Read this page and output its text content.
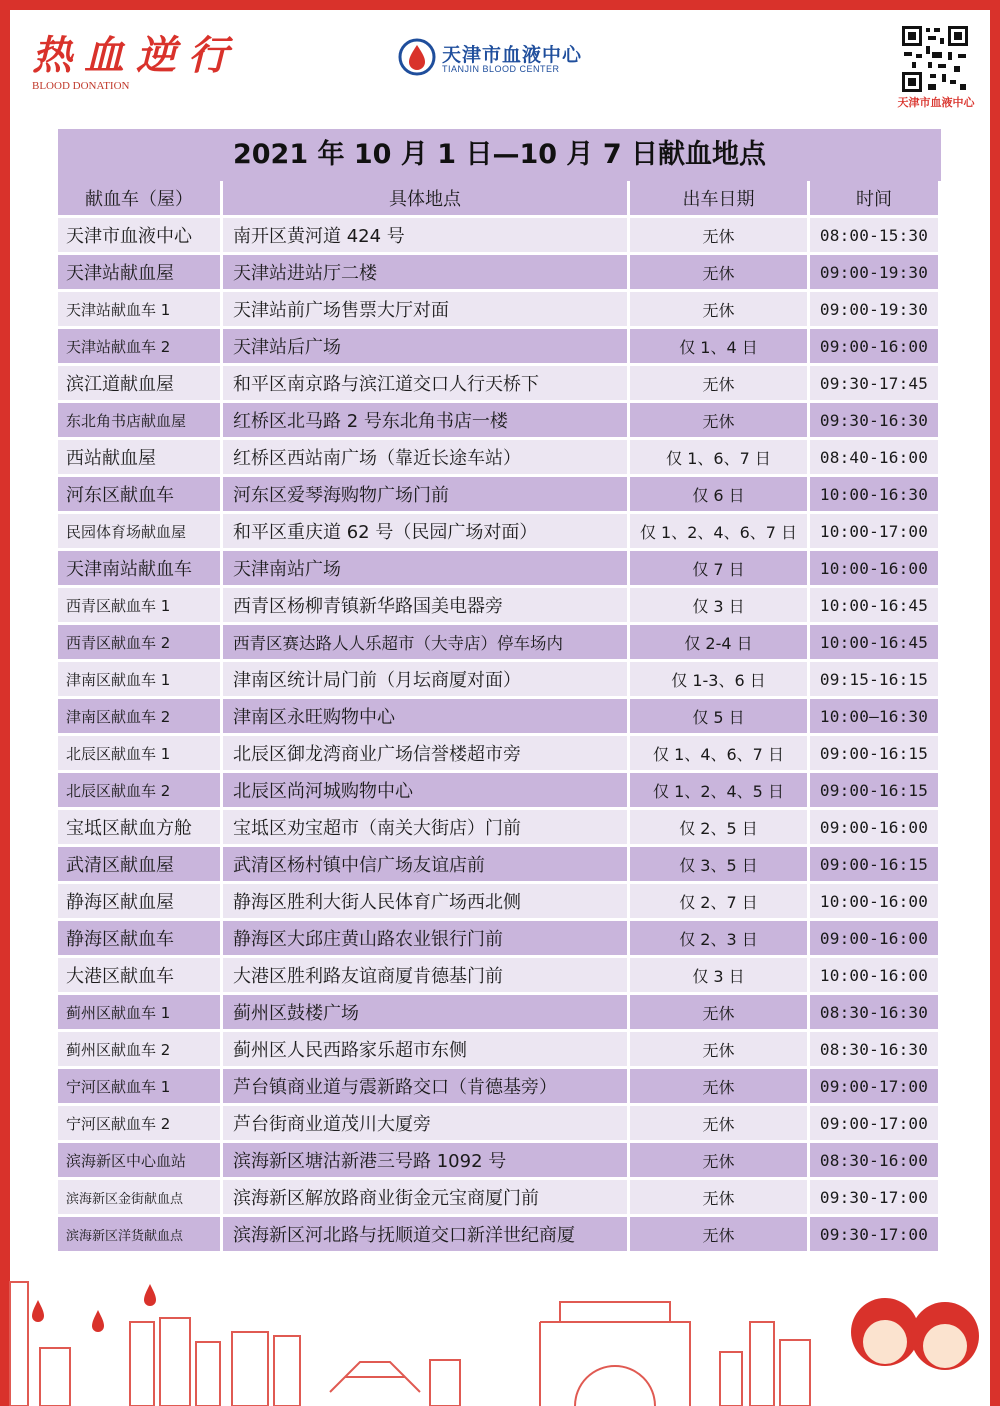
热血逆行
BLOOD DONATION
天津市血液中心
TIANJIN BLOOD CENTER
天津市血液中心
2021 年 10 月 1 日—10 月 7 日献血地点
献血车（屋）	具体地点	出车日期	时间
天津市血液中心	南开区黄河道 424 号	无休	08:00-15:30
天津站献血屋	天津站进站厅二楼	无休	09:00-19:30
天津站献血车 1	天津站前广场售票大厅对面	无休	09:00-19:30
天津站献血车 2	天津站后广场	仅 1、4 日	09:00-16:00
滨江道献血屋	和平区南京路与滨江道交口人行天桥下	无休	09:30-17:45
东北角书店献血屋	红桥区北马路 2 号东北角书店一楼	无休	09:30-16:30
西站献血屋	红桥区西站南广场（靠近长途车站）	仅 1、6、7 日	08:40-16:00
河东区献血车	河东区爱琴海购物广场门前	仅 6 日	10:00-16:30
民园体育场献血屋	和平区重庆道 62 号（民园广场对面）	仅 1、2、4、6、7 日	10:00-17:00
天津南站献血车	天津南站广场	仅 7 日	10:00-16:00
西青区献血车 1	西青区杨柳青镇新华路国美电器旁	仅 3 日	10:00-16:45
西青区献血车 2	西青区赛达路人人乐超市（大寺店）停车场内	仅 2-4 日	10:00-16:45
津南区献血车 1	津南区统计局门前（月坛商厦对面）	仅 1-3、6 日	09:15-16:15
津南区献血车 2	津南区永旺购物中心	仅 5 日	10:00—16:30
北辰区献血车 1	北辰区御龙湾商业广场信誉楼超市旁	仅 1、4、6、7 日	09:00-16:15
北辰区献血车 2	北辰区尚河城购物中心	仅 1、2、4、5 日	09:00-16:15
宝坻区献血方舱	宝坻区劝宝超市（南关大街店）门前	仅 2、5 日	09:00-16:00
武清区献血屋	武清区杨村镇中信广场友谊店前	仅 3、5 日	09:00-16:15
静海区献血屋	静海区胜利大街人民体育广场西北侧	仅 2、7 日	10:00-16:00
静海区献血车	静海区大邱庄黄山路农业银行门前	仅 2、3 日	09:00-16:00
大港区献血车	大港区胜利路友谊商厦肯德基门前	仅 3 日	10:00-16:00
蓟州区献血车 1	蓟州区鼓楼广场	无休	08:30-16:30
蓟州区献血车 2	蓟州区人民西路家乐超市东侧	无休	08:30-16:30
宁河区献血车 1	芦台镇商业道与震新路交口（肯德基旁）	无休	09:00-17:00
宁河区献血车 2	芦台街商业道茂川大厦旁	无休	09:00-17:00
滨海新区中心血站	滨海新区塘沽新港三号路 1092 号	无休	08:30-16:00
滨海新区金街献血点	滨海新区解放路商业街金元宝商厦门前	无休	09:30-17:00
滨海新区洋货献血点	滨海新区河北路与抚顺道交口新洋世纪商厦	无休	09:30-17:00
